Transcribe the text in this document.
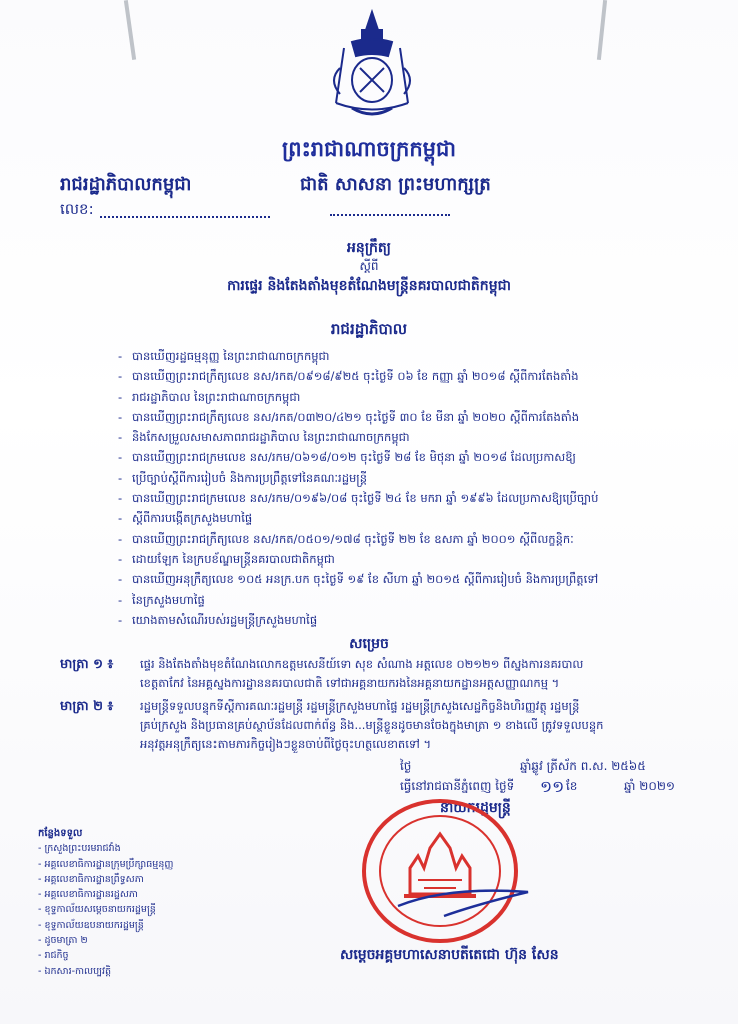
ព្រះរាជាណាចក្រកម្ពុជា
រាជរដ្ឋាភិបាលកម្ពុជា	ជាតិ សាសនា ព្រះមហាក្សត្រ
លេខ:
អនុក្រឹត្យ
ស្តីពី
ការផ្ទេរ និងតែងតាំងមុខតំណែងមន្ត្រីនគរបាលជាតិកម្ពុជា
រាជរដ្ឋាភិបាល
- បានឃើញរដ្ឋធម្មនុញ្ញ នៃព្រះរាជាណាចក្រកម្ពុជា
- បានឃើញព្រះរាជក្រឹត្យលេខ នស/រកត/០៩១៨/៩២៥ ចុះថ្ងៃទី ០៦ ខែ កញ្ញា ឆ្នាំ ២០១៨ ស្តីពីការតែងតាំង
- រាជរដ្ឋាភិបាល នៃព្រះរាជាណាចក្រកម្ពុជា
- បានឃើញព្រះរាជក្រឹត្យលេខ នស/រកត/០៣២០/៤២១ ចុះថ្ងៃទី ៣០ ខែ មីនា ឆ្នាំ ២០២០ ស្តីពីការតែងតាំង
- និងកែសម្រួលសមាសភាពរាជរដ្ឋាភិបាល នៃព្រះរាជាណាចក្រកម្ពុជា
- បានឃើញព្រះរាជក្រមលេខ នស/រកម/០៦១៨/០១២ ចុះថ្ងៃទី ២៨ ខែ មិថុនា ឆ្នាំ ២០១៨ ដែលប្រកាសឱ្យ
- ប្រើច្បាប់ស្តីពីការរៀបចំ និងការប្រព្រឹត្តទៅនៃគណៈរដ្ឋមន្ត្រី
- បានឃើញព្រះរាជក្រមលេខ នស/រកម/០១៩៦/០៨ ចុះថ្ងៃទី ២៤ ខែ មករា ឆ្នាំ ១៩៩៦ ដែលប្រកាសឱ្យប្រើច្បាប់
- ស្តីពីការបង្កើតក្រសួងមហាផ្ទៃ
- បានឃើញព្រះរាជក្រឹត្យលេខ នស/រកត/០៥០១/១៧៨ ចុះថ្ងៃទី ២២ ខែ ឧសភា ឆ្នាំ ២០០១ ស្តីពីលក្ខន្តិកៈ
- ដោយឡែក នៃក្របខ័ណ្ឌមន្ត្រីនគរបាលជាតិកម្ពុជា
- បានឃើញអនុក្រឹត្យលេខ ១០៥ អនក្រ.បក ចុះថ្ងៃទី ១៩ ខែ សីហា ឆ្នាំ ២០១៥ ស្តីពីការរៀបចំ និងការប្រព្រឹត្តទៅ
- នៃក្រសួងមហាផ្ទៃ
- យោងតាមសំណើរបស់រដ្ឋមន្ត្រីក្រសួងមហាផ្ទៃ
សម្រេច
មាត្រា ១ ៖ ផ្ទេរ និងតែងតាំងមុខតំណែងលោកឧត្តមសេនីយ៍ទោ សុខ សំណាង អត្តលេខ ០២១២១ ពីស្នងការនគរបាល
ខេត្តតាកែវ នៃអគ្គស្នងការដ្ឋាននគរបាលជាតិ ទៅជាអគ្គនាយករងនៃអគ្គនាយកដ្ឋានអត្តសញ្ញាណកម្ម ។
មាត្រា ២ ៖ រដ្ឋមន្ត្រីទទួលបន្ទុកទីស្តីការគណៈរដ្ឋមន្ត្រី រដ្ឋមន្ត្រីក្រសួងមហាផ្ទៃ រដ្ឋមន្ត្រីក្រសួងសេដ្ឋកិច្ចនិងហិរញ្ញវត្ថុ រដ្ឋមន្ត្រី
គ្រប់ក្រសួង និងប្រធានគ្រប់ស្ថាប័នដែលពាក់ព័ន្ធ និង...មន្ត្រីខ្លួនដូចមានចែងក្នុងមាត្រា ១ ខាងលើ ត្រូវទទួលបន្ទុក
អនុវត្តអនុក្រឹត្យនេះតាមភារកិច្ចរៀងៗខ្លួនចាប់ពីថ្ងៃចុះហត្ថលេខាតទៅ ។
ថ្ងៃ	ឆ្នាំឆ្លូវ ត្រីស័ក ព.ស. ២៥៦៥
ធ្វើនៅរាជធានីភ្នំពេញ ថ្ងៃទី ១១ ខែ	ឆ្នាំ ២០២១
នាយករដ្ឋមន្ត្រី
កន្លែងទទួល
- ក្រសួងព្រះបរមរាជវាំង
- អគ្គលេខាធិការដ្ឋានក្រុមប្រឹក្សាធម្មនុញ្ញ
- អគ្គលេខាធិការដ្ឋានព្រឹទ្ធសភា
- អគ្គលេខាធិការដ្ឋានរដ្ឋសភា
- ខុទ្ទកាល័យសម្តេចនាយករដ្ឋមន្ត្រី
- ខុទ្ទកាល័យឧបនាយករដ្ឋមន្ត្រី
- ដូចមាត្រា ២
- រាជកិច្ច
- ឯកសារ-កាលប្បវត្តិ
សម្តេចអគ្គមហាសេនាបតីតេជោ ហ៊ុន សែន
